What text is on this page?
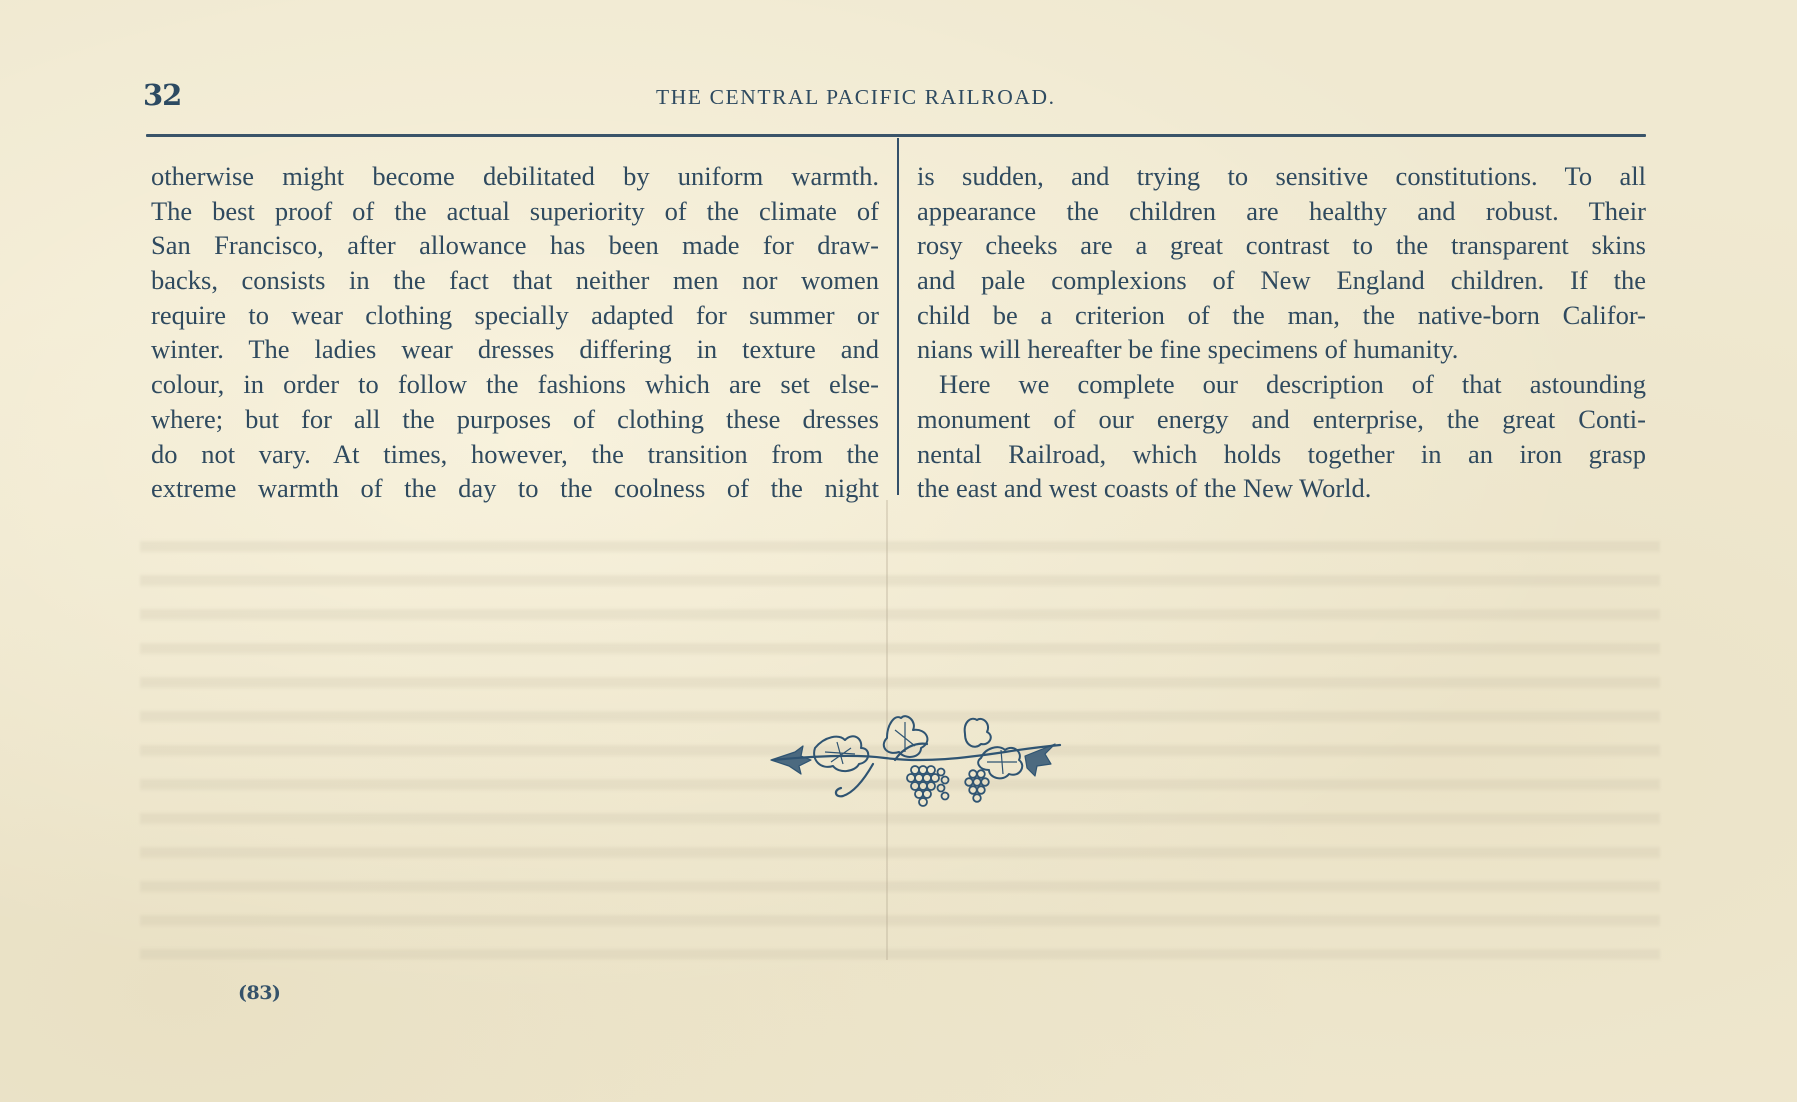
32	THE CENTRAL PACIFIC RAILROAD.
otherwise might become debilitated by uniform warmth.
The best proof of the actual superiority of the climate of
San Francisco, after allowance has been made for draw-
backs, consists in the fact that neither men nor women
require to wear clothing specially adapted for summer or
winter. The ladies wear dresses differing in texture and
colour, in order to follow the fashions which are set else-
where; but for all the purposes of clothing these dresses
do not vary. At times, however, the transition from the
extreme warmth of the day to the coolness of the night
is sudden, and trying to sensitive constitutions. To all
appearance the children are healthy and robust. Their
rosy cheeks are a great contrast to the transparent skins
and pale complexions of New England children. If the
child be a criterion of the man, the native-born Califor-
nians will hereafter be fine specimens of humanity.
Here we complete our description of that astounding
monument of our energy and enterprise, the great Conti-
nental Railroad, which holds together in an iron grasp
the east and west coasts of the New World.
(83)
